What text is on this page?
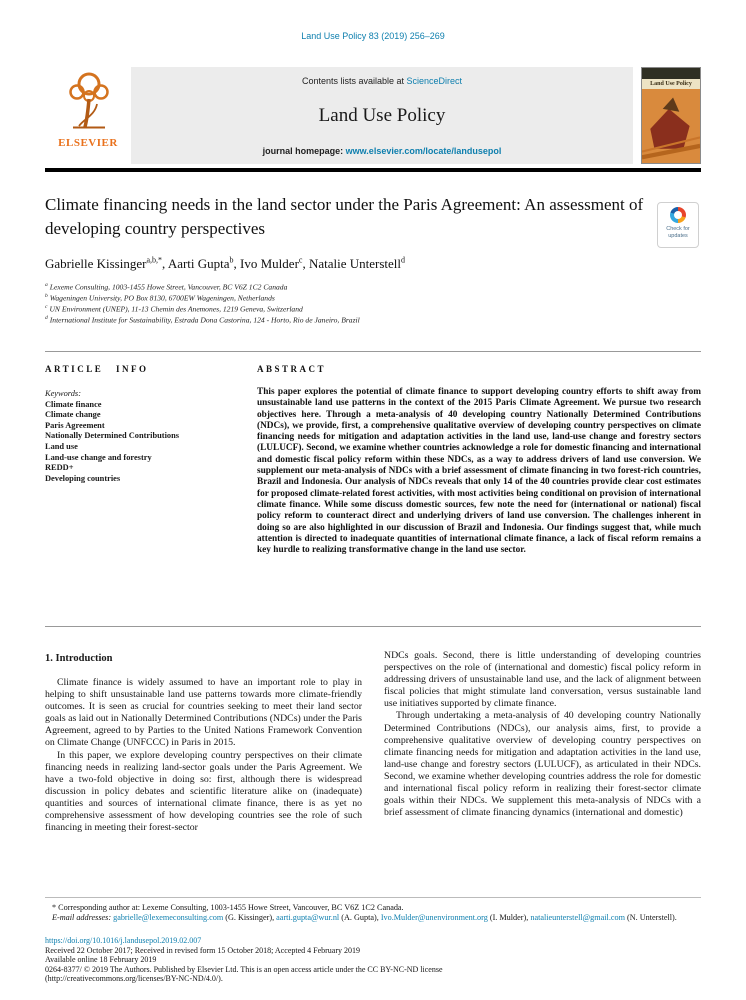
Land Use Policy 83 (2019) 256–269
ELSEVIER
Contents lists available at ScienceDirect
Land Use Policy
journal homepage: www.elsevier.com/locate/landusepol
Land Use Policy
Climate financing needs in the land sector under the Paris Agreement: An assessment of developing country perspectives	Check for updates
Gabrielle Kissinger$^{a,b,*}$, Aarti Gupta$^b$, Ivo Mulder$^c$, Natalie Unterstell$^d$
$^a$ Lexeme Consulting, 1003-1455 Howe Street, Vancouver, BC V6Z 1C2 Canada
$^b$ Wageningen University, PO Box 8130, 6700EW Wageningen, Netherlands
$^c$ UN Environment (UNEP), 11-13 Chemin des Anemones, 1219 Geneva, Switzerland
$^d$ International Institute for Sustainability, Estrada Dona Castorina, 124 - Horto, Rio de Janeiro, Brazil
ARTICLE INFO
Keywords:
Climate finance
Climate change
Paris Agreement
Nationally Determined Contributions
Land use
Land-use change and forestry
REDD+
Developing countries
ABSTRACT
This paper explores the potential of climate finance to support developing country efforts to shift away from unsustainable land use patterns in the context of the 2015 Paris Climate Agreement. We pursue two research objectives here. Through a meta-analysis of 40 developing country Nationally Determined Contributions (NDCs), we provide, first, a comprehensive qualitative overview of developing country perspectives on climate financing needs for mitigation and adaptation activities in the land use, land-use change and forestry sectors (LULUCF). Second, we examine whether countries acknowledge a role for domestic financing and international and domestic fiscal policy reform within these NDCs, as a way to address drivers of land use conversion. We supplement our meta-analysis of NDCs with a brief assessment of climate financing in two forest-rich countries, Brazil and Indonesia. Our analysis of NDCs reveals that only 14 of the 40 countries provide clear cost estimates for proposed climate-related forest activities, with most activities being conditional on provision of international climate finance. While some discuss domestic sources, few note the need for (international or national) fiscal policy reform to counteract direct and underlying drivers of land use conversion. The challenges inherent in doing so are also highlighted in our discussion of Brazil and Indonesia. Our findings suggest that, while much attention is directed to inadequate quantities of international climate finance, a lack of fiscal reform remains a key hurdle to realizing transformative change in the land use sector.
1. Introduction

Climate finance is widely assumed to have an important role to play in helping to shift unsustainable land use patterns towards more climate-friendly outcomes. It is seen as crucial for countries seeking to meet their land sector goals as laid out in Nationally Determined Contributions (NDCs) under the Paris Agreement, agreed to by Parties to the United Nations Framework Convention on Climate Change (UNFCCC) in Paris in 2015.

In this paper, we explore developing country perspectives on their climate financing needs in realizing land-sector goals under the Paris Agreement. We have a two-fold objective in doing so: first, although there is widespread discussion in policy debates and scientific literature alike on (inadequate) quantities and sources of international climate finance, there is as yet no comprehensive assessment of how developing countries see the role of such financing in meeting their forest-sector

NDCs goals. Second, there is little understanding of developing countries perspectives on the role of (international and domestic) fiscal policy reform in addressing drivers of unsustainable land use, and the lack of alignment between fiscal policies that might stimulate land conversation, versus sustainable land use initiatives supported by climate finance.

Through undertaking a meta-analysis of 40 developing country Nationally Determined Contributions (NDCs), our analysis aims, first, to provide a comprehensive qualitative overview of developing country perspectives on climate financing needs for mitigation and adaptation activities in the land use, land-use change and forestry sectors (LULUCF), as articulated in their NDCs. Second, we examine whether developing countries address the role for domestic and international fiscal policy reform in realizing their forest-sector climate goals within their NDCs. We supplement this meta-analysis of NDCs with a brief assessment of climate financing dynamics (international and domestic)

* Corresponding author at: Lexeme Consulting, 1003-1455 Howe Street, Vancouver, BC V6Z 1C2 Canada.

E-mail addresses: gabrielle@lexemeconsulting.com (G. Kissinger), aarti.gupta@wur.nl (A. Gupta), Ivo.Mulder@unenvironment.org (I. Mulder), natalieunterstell@gmail.com (N. Unterstell).

https://doi.org/10.1016/j.landusepol.2019.02.007

Received 22 October 2017; Received in revised form 15 October 2018; Accepted 4 February 2019

Available online 18 February 2019

0264-8377/ © 2019 The Authors. Published by Elsevier Ltd. This is an open access article under the CC BY-NC-ND license

(http://creativecommons.org/licenses/BY-NC-ND/4.0/).
